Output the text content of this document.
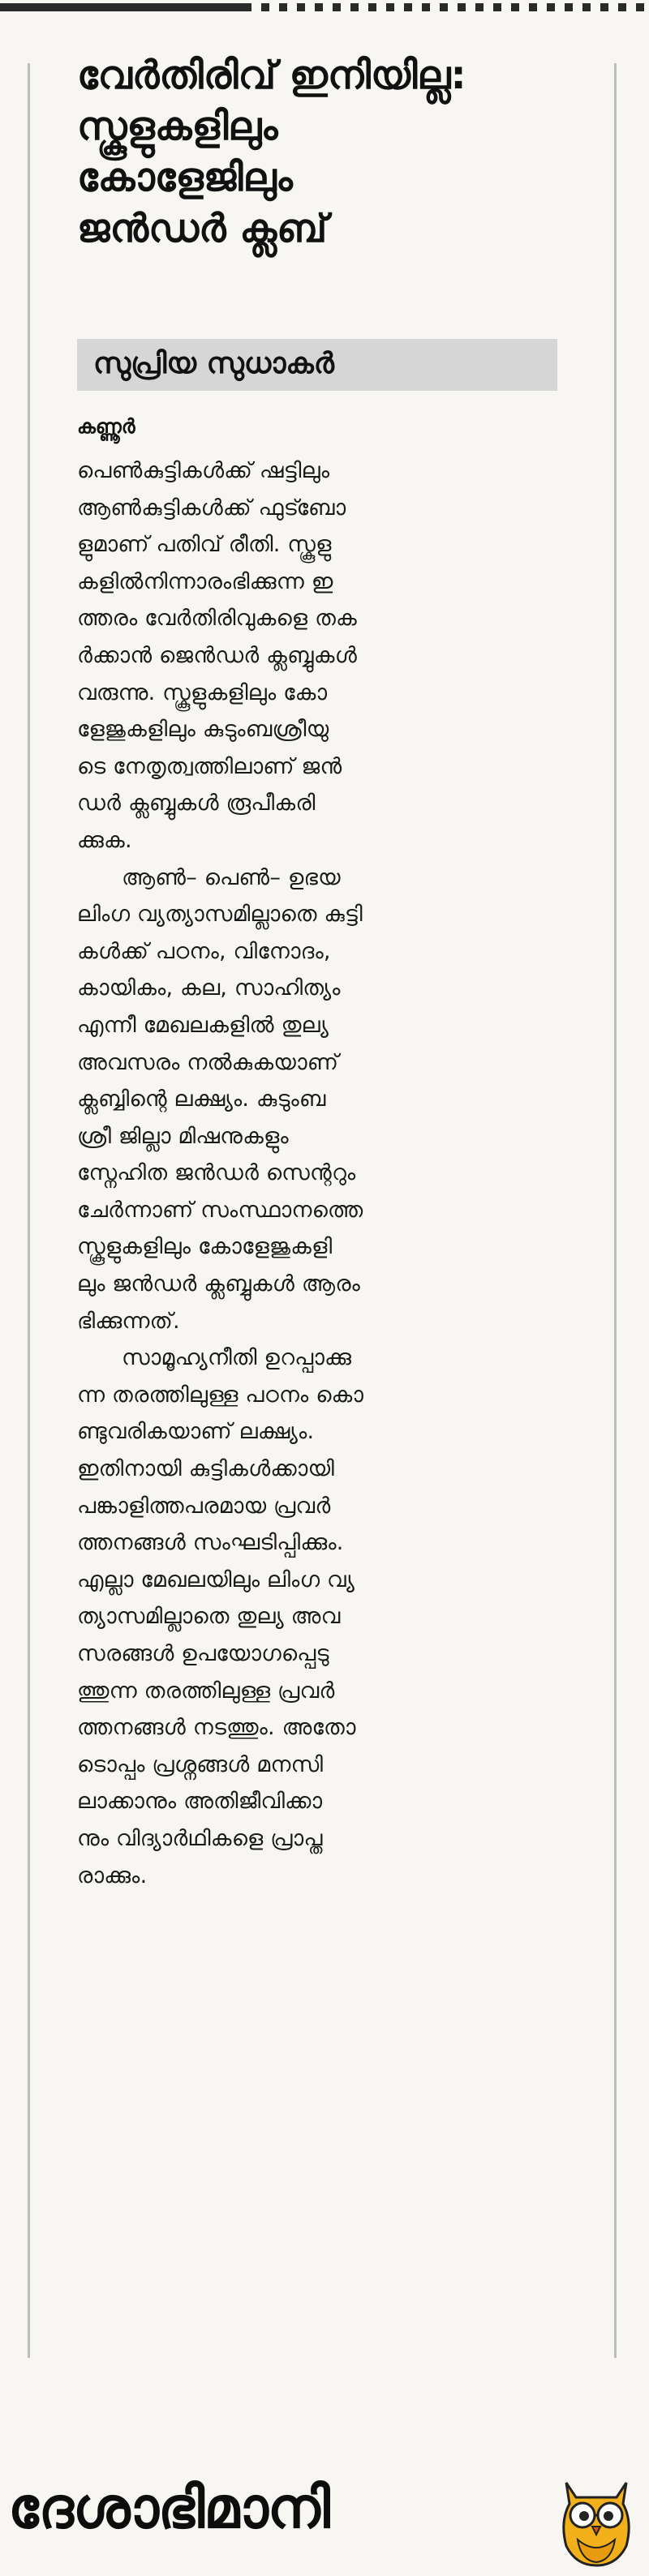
വേർതിരിവ് ഇനിയില്ല:
സ്കൂളുകളിലും
കോളേജിലും
ജൻഡർ ക്ലബ്
സുപ്രിയ സുധാകർ
കണ്ണൂർ
പെൺകുട്ടികൾക്ക് ഷട്ടിലും
ആൺകുട്ടികൾക്ക് ഫുട്ബോ
ളുമാണ് പതിവ് രീതി. സ്കൂളു
കളിൽനിന്നാരംഭിക്കുന്ന ഇ
ത്തരം വേർതിരിവുകളെ തക
ർക്കാൻ ജെൻഡർ ക്ലബ്ബുകൾ
വരുന്നു. സ്കൂളുകളിലും കോ
ളേജുകളിലും കുടുംബശ്രീയു
ടെ നേതൃത്വത്തിലാണ് ജൻ
ഡർ ക്ലബ്ബുകൾ രൂപീകരി
ക്കുക.
ആൺ– പെൺ– ഉഭയ
ലിംഗ വ്യത്യാസമില്ലാതെ കുട്ടി
കൾക്ക് പഠനം, വിനോദം,
കായികം, കല, സാഹിത്യം
എന്നീ മേഖലകളിൽ തുല്യ
അവസരം നൽകുകയാണ്
ക്ലബ്ബിന്റെ ലക്ഷ്യം. കുടുംബ
ശ്രീ ജില്ലാ മിഷനുകളും
സ്നേഹിത ജൻഡർ സെന്ററും
ചേർന്നാണ് സംസ്ഥാനത്തെ
സ്കൂളുകളിലും കോളേജുകളി
ലും ജൻഡർ ക്ലബ്ബുകൾ ആരം
ഭിക്കുന്നത്.
സാമൂഹ്യനീതി ഉറപ്പാക്കു
ന്ന തരത്തിലുള്ള പഠനം കൊ
ണ്ടുവരികയാണ് ലക്ഷ്യം.
ഇതിനായി കുട്ടികൾക്കായി
പങ്കാളിത്തപരമായ പ്രവർ
ത്തനങ്ങൾ സംഘടിപ്പിക്കും.
എല്ലാ മേഖലയിലും ലിംഗ വ്യ
ത്യാസമില്ലാതെ തുല്യ അവ
സരങ്ങൾ ഉപയോഗപ്പെടു
ത്തുന്ന തരത്തിലുള്ള പ്രവർ
ത്തനങ്ങൾ നടത്തും. അതോ
ടൊപ്പം പ്രശ്നങ്ങൾ മനസി
ലാക്കാനും അതിജീവിക്കാ
നും വിദ്യാർഥികളെ പ്രാപ്ത
രാക്കും.
ദേശാഭിമാനി
